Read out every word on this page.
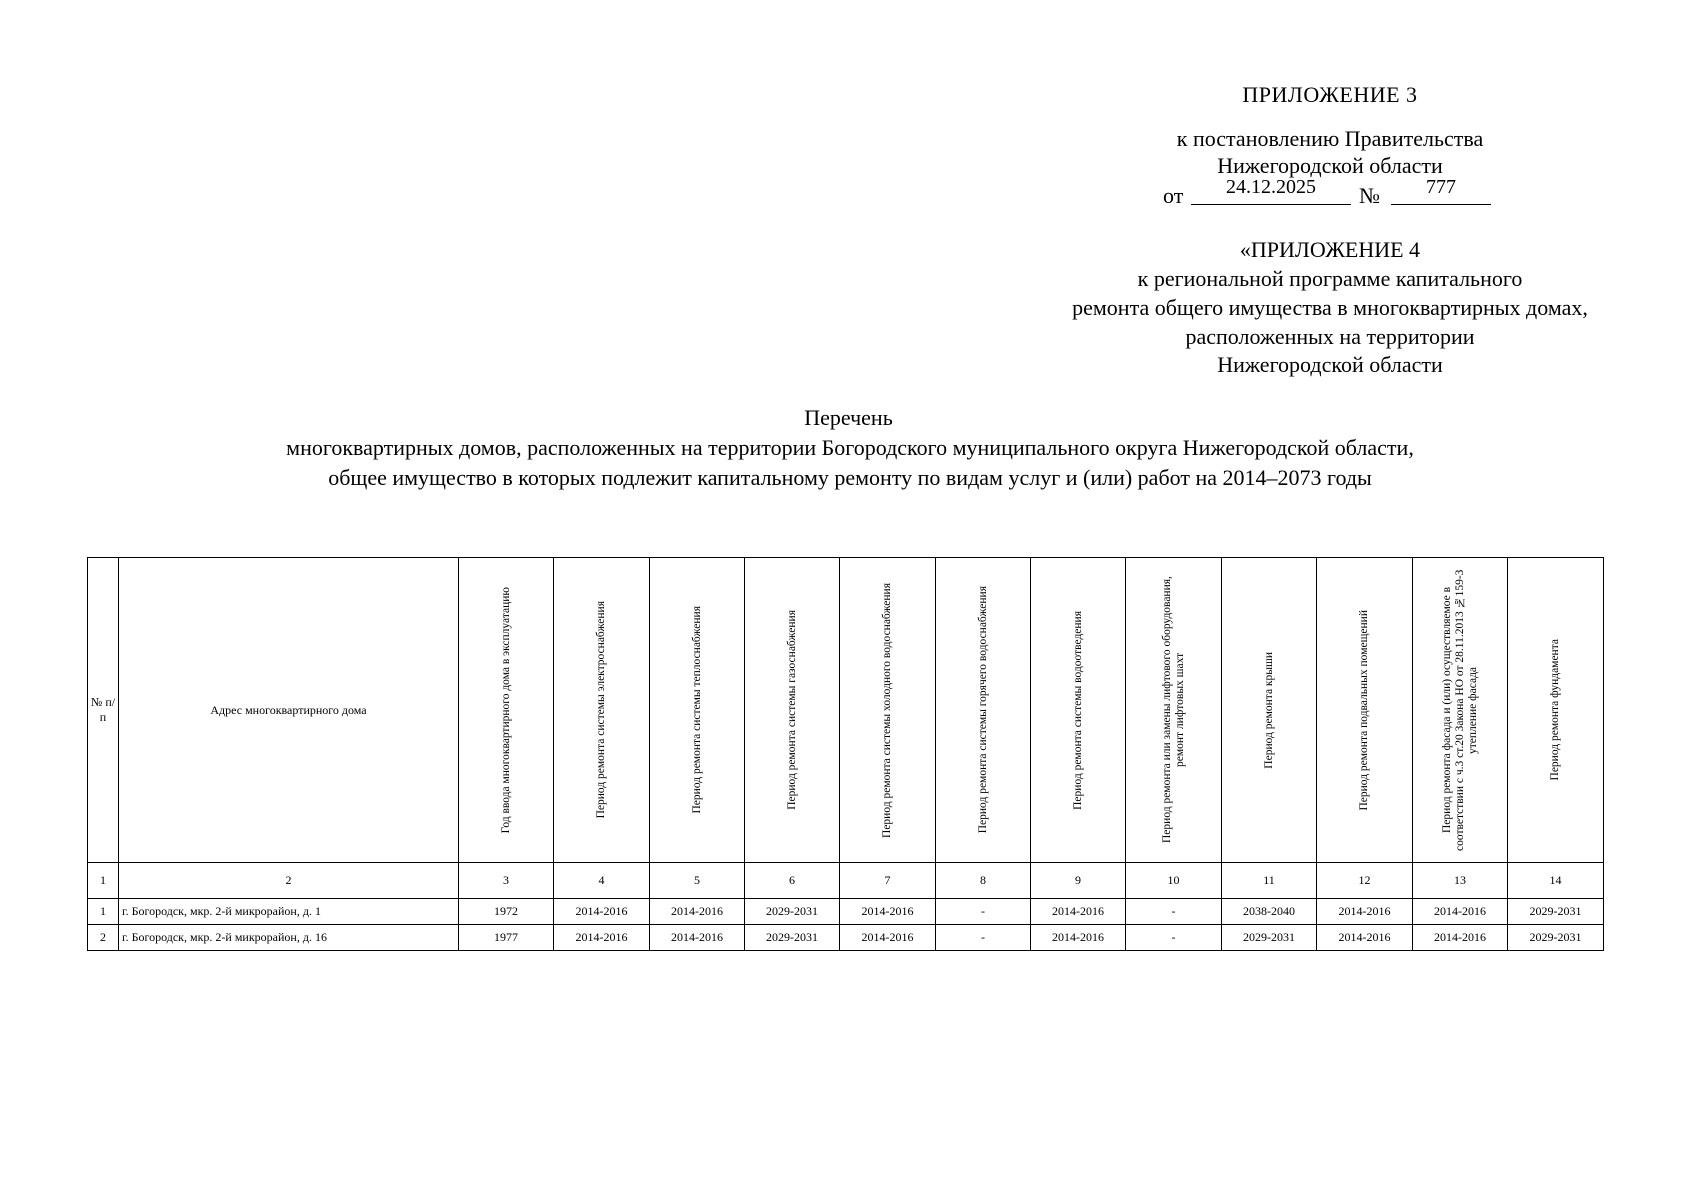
ПРИЛОЖЕНИЕ 3
к постановлению Правительства
Нижегородской области
от	24.12.2025	№	777
«ПРИЛОЖЕНИЕ 4
к региональной программе капитального
ремонта общего имущества в многоквартирных домах,
расположенных на территории
Нижегородской области
Перечень
многоквартирных домов, расположенных на территории Богородского муниципального округа Нижегородской области,
общее имущество в которых подлежит капитальному ремонту по видам услуг и (или) работ на 2014–2073 годы
№ п/п	Адрес многоквартирного дома	Год ввода многоквартирного дома в эксплуатацию	Период ремонта системы электроснабжения	Период ремонта системы теплоснабжения	Период ремонта системы газоснабжения	Период ремонта системы холодного водоснабжения	Период ремонта системы горячего водоснабжения	Период ремонта системы водоотведения	Период ремонта или замены лифтового оборудования, ремонт лифтовых шахт	Период ремонта крыши	Период ремонта подвальных помещений	Период ремонта фасада и (или) осуществляемое в соответствии с ч.3 ст.20 Закона НО от 28.11.2013 №159-З утепление фасада	Период ремонта фундамента

1	2	3	4	5	6	7	8	9	10	11	12	13	14
1	г. Богородск, мкр. 2-й микрорайон, д. 1	1972	2014-2016	2014-2016	2029-2031	2014-2016	-	2014-2016	-	2038-2040	2014-2016	2014-2016	2029-2031
2	г. Богородск, мкр. 2-й микрорайон, д. 16	1977	2014-2016	2014-2016	2029-2031	2014-2016	-	2014-2016	-	2029-2031	2014-2016	2014-2016	2029-2031
